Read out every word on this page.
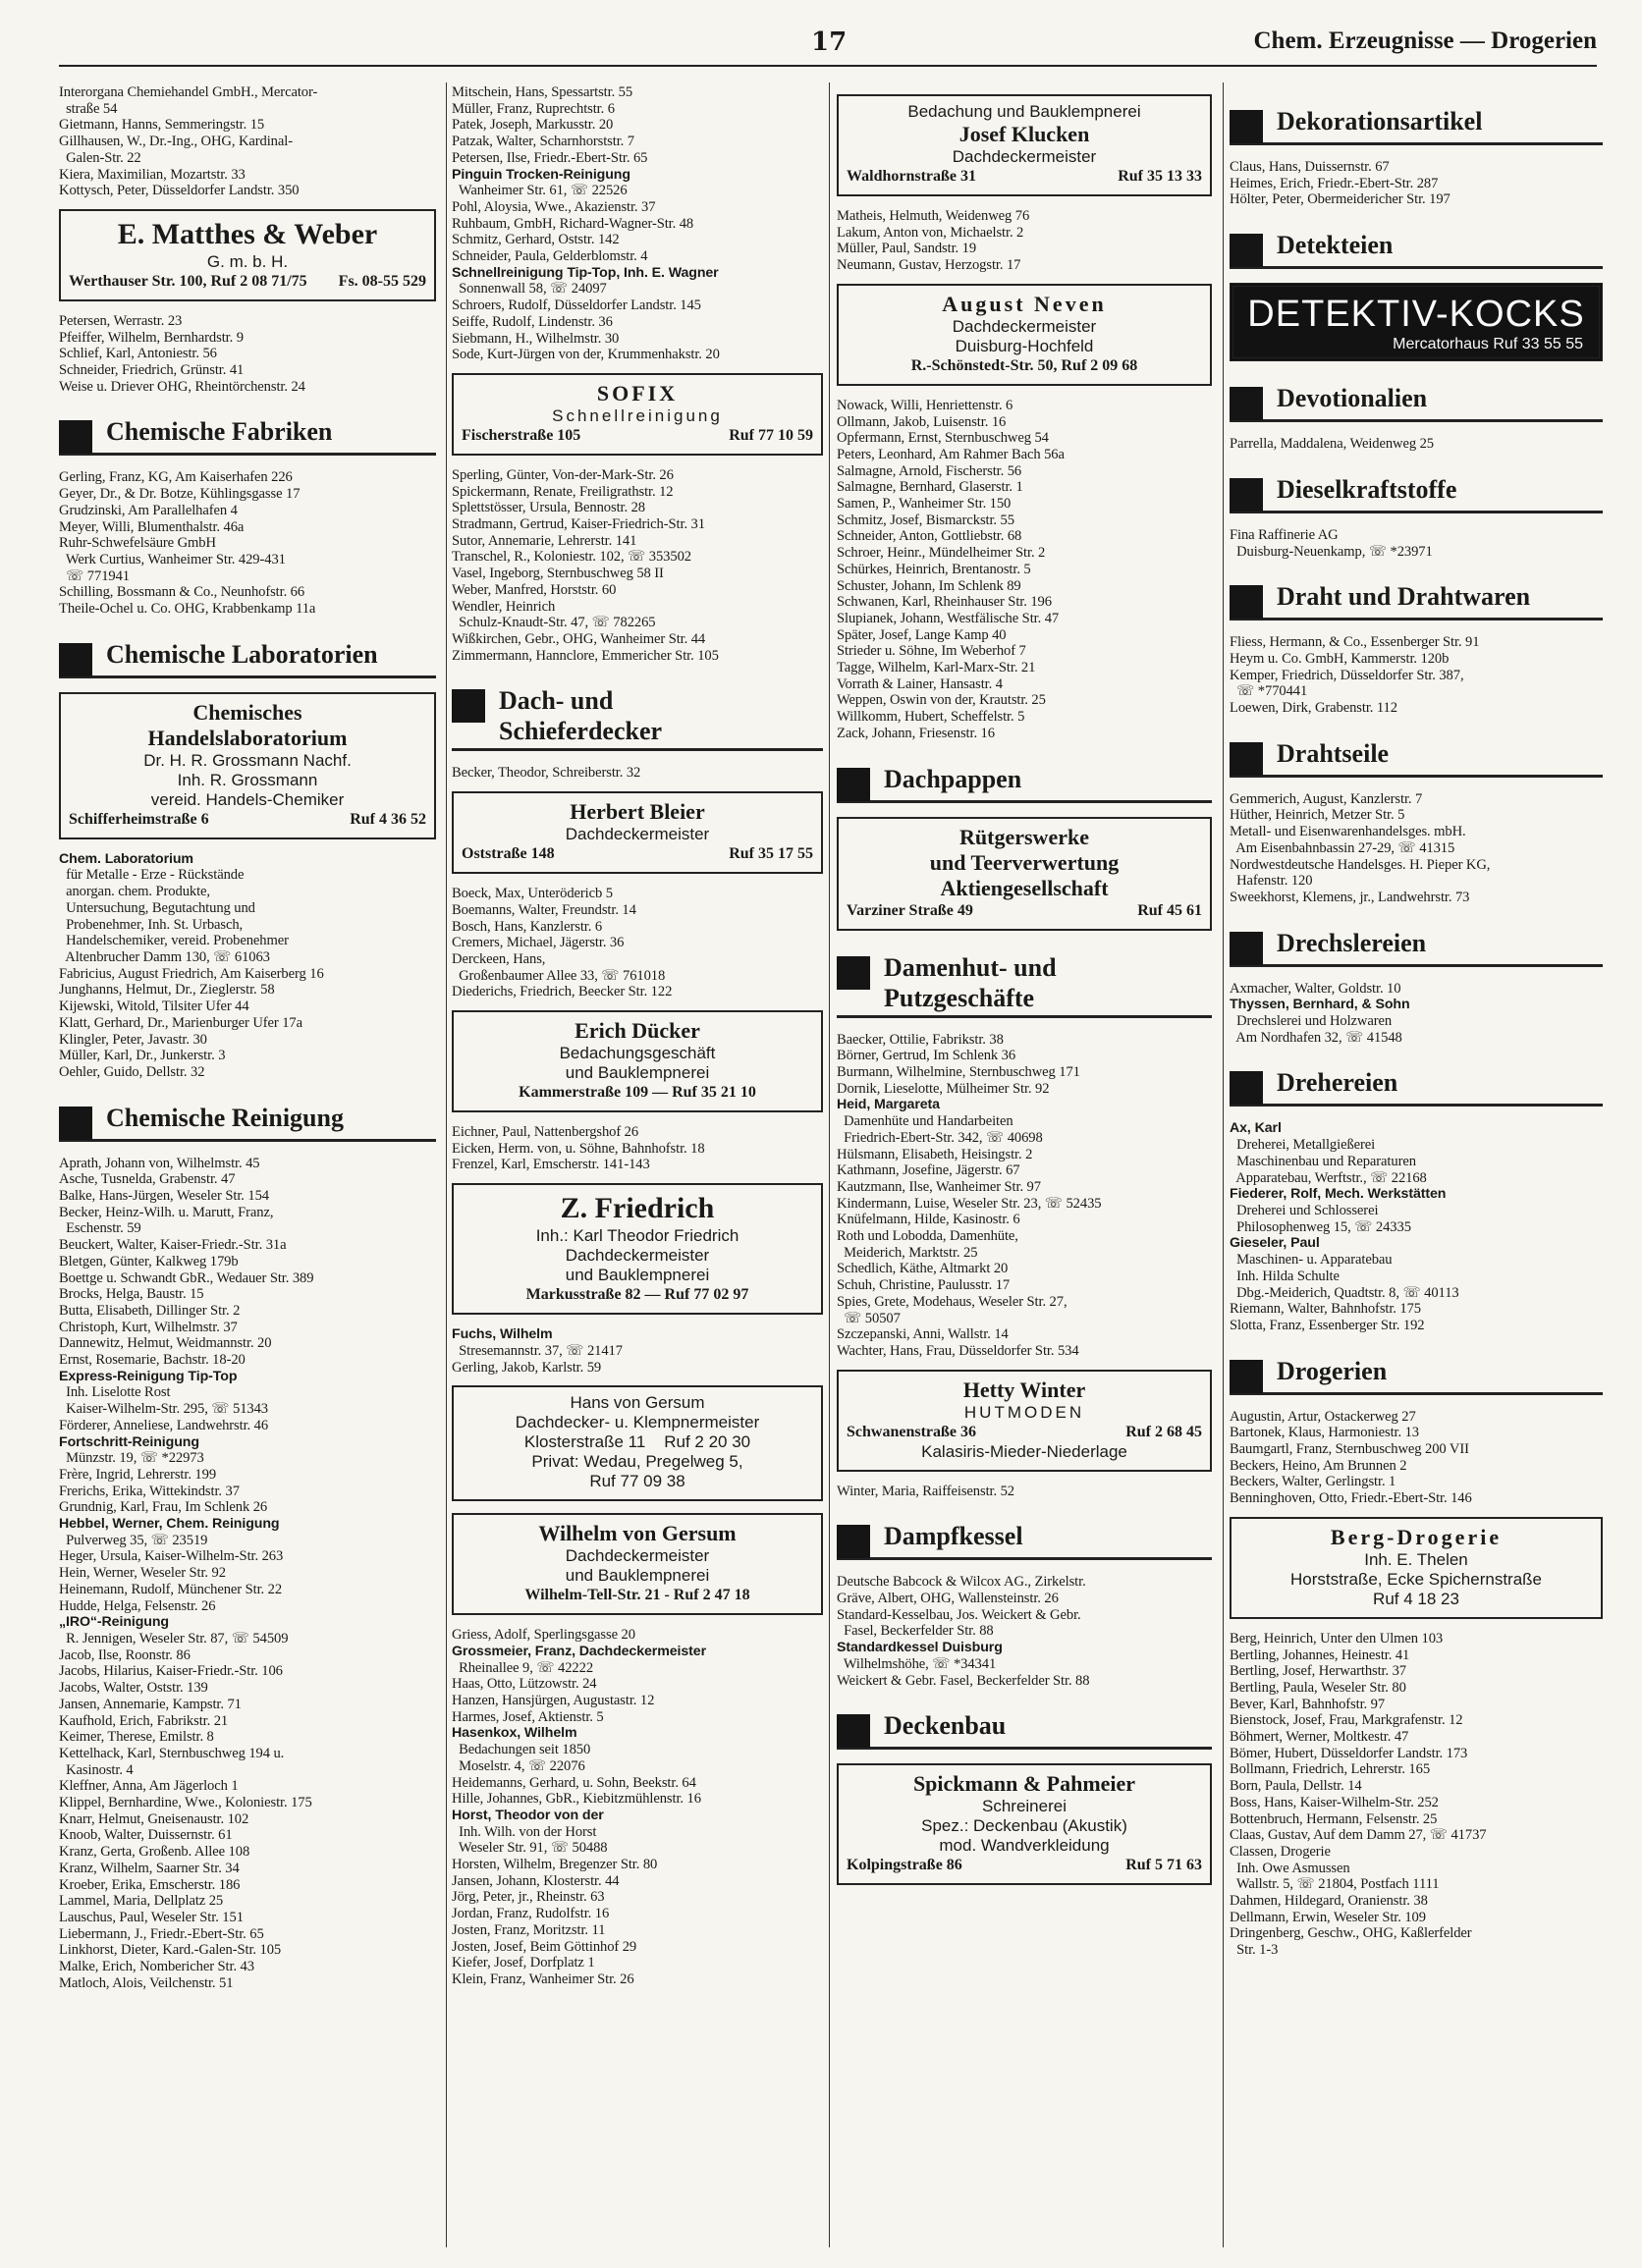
17	Chem. Erzeugnisse — Drogerien
Interorgana Chemiehandel GmbH., Mercator-
straße 54
Gietmann, Hanns, Semmeringstr. 15
Gillhausen, W., Dr.-Ing., OHG, Kardinal-
Galen-Str. 22
Kiera, Maximilian, Mozartstr. 33
Kottysch, Peter, Düsseldorfer Landstr. 350
E. Matthes & Weber
G. m. b. H.
Werthauser Str. 100, Ruf 2 08 71/75 Fs. 08-55 529
Petersen, Werrastr. 23
Pfeiffer, Wilhelm, Bernhardstr. 9
Schlief, Karl, Antoniestr. 56
Schneider, Friedrich, Grünstr. 41
Weise u. Driever OHG, Rheintörchenstr. 24
Chemische Fabriken
Gerling, Franz, KG, Am Kaiserhafen 226
Geyer, Dr., & Dr. Botze, Kühlingsgasse 17
Grudzinski, Am Parallelhafen 4
Meyer, Willi, Blumenthalstr. 46a
Ruhr-Schwefelsäure GmbH
Werk Curtius, Wanheimer Str. 429-431
☏ 771941
Schilling, Bossmann & Co., Neunhofstr. 66
Theile-Ochel u. Co. OHG, Krabbenkamp 11a
Chemische Laboratorien
Chemisches
Handelslaboratorium
Dr. H. R. Grossmann Nachf.
Inh. R. Grossmann
vereid. Handels-Chemiker
Schifferheimstraße 6	Ruf 4 36 52
Chem. Laboratorium
für Metalle - Erze - Rückstände
anorgan. chem. Produkte,
Untersuchung, Begutachtung und
Probenehmer, Inh. St. Urbasch,
Handelschemiker, vereid. Probenehmer
Altenbrucher Damm 130, ☏ 61063
Fabricius, August Friedrich, Am Kaiserberg 16
Junghanns, Helmut, Dr., Zieglerstr. 58
Kijewski, Witold, Tilsiter Ufer 44
Klatt, Gerhard, Dr., Marienburger Ufer 17a
Klingler, Peter, Javastr. 30
Müller, Karl, Dr., Junkerstr. 3
Oehler, Guido, Dellstr. 32
Chemische Reinigung
Aprath, Johann von, Wilhelmstr. 45
Asche, Tusnelda, Grabenstr. 47
Balke, Hans-Jürgen, Weseler Str. 154
Becker, Heinz-Wilh. u. Marutt, Franz,
Eschenstr. 59
Beuckert, Walter, Kaiser-Friedr.-Str. 31a
Bletgen, Günter, Kalkweg 179b
Boettge u. Schwandt GbR., Wedauer Str. 389
Brocks, Helga, Baustr. 15
Butta, Elisabeth, Dillinger Str. 2
Christoph, Kurt, Wilhelmstr. 37
Dannewitz, Helmut, Weidmannstr. 20
Ernst, Rosemarie, Bachstr. 18-20
Express-Reinigung Tip-Top
Inh. Liselotte Rost
Kaiser-Wilhelm-Str. 295, ☏ 51343
Förderer, Anneliese, Landwehrstr. 46
Fortschritt-Reinigung
Münzstr. 19, ☏ *22973
Frère, Ingrid, Lehrerstr. 199
Frerichs, Erika, Wittekindstr. 37
Grundnig, Karl, Frau, Im Schlenk 26
Hebbel, Werner, Chem. Reinigung
Pulverweg 35, ☏ 23519
Heger, Ursula, Kaiser-Wilhelm-Str. 263
Hein, Werner, Weseler Str. 92
Heinemann, Rudolf, Münchener Str. 22
Hudde, Helga, Felsenstr. 26
„IRO“-Reinigung
R. Jennigen, Weseler Str. 87, ☏ 54509
Jacob, Ilse, Roonstr. 86
Jacobs, Hilarius, Kaiser-Friedr.-Str. 106
Jacobs, Walter, Oststr. 139
Jansen, Annemarie, Kampstr. 71
Kaufhold, Erich, Fabrikstr. 21
Keimer, Therese, Emilstr. 8
Kettelhack, Karl, Sternbuschweg 194 u.
Kasinostr. 4
Kleffner, Anna, Am Jägerloch 1
Klippel, Bernhardine, Wwe., Koloniestr. 175
Knarr, Helmut, Gneisenaustr. 102
Knoob, Walter, Duissernstr. 61
Kranz, Gerta, Großenb. Allee 108
Kranz, Wilhelm, Saarner Str. 34
Kroeber, Erika, Emscherstr. 186
Lammel, Maria, Dellplatz 25
Lauschus, Paul, Weseler Str. 151
Liebermann, J., Friedr.-Ebert-Str. 65
Linkhorst, Dieter, Kard.-Galen-Str. 105
Malke, Erich, Nombericher Str. 43
Matloch, Alois, Veilchenstr. 51
Mitschein, Hans, Spessartstr. 55
Müller, Franz, Ruprechtstr. 6
Patek, Joseph, Markusstr. 20
Patzak, Walter, Scharnhorststr. 7
Petersen, Ilse, Friedr.-Ebert-Str. 65
Pinguin Trocken-Reinigung
Wanheimer Str. 61, ☏ 22526
Pohl, Aloysia, Wwe., Akazienstr. 37
Ruhbaum, GmbH, Richard-Wagner-Str. 48
Schmitz, Gerhard, Oststr. 142
Schneider, Paula, Gelderblomstr. 4
Schnellreinigung Tip-Top, Inh. E. Wagner
Sonnenwall 58, ☏ 24097
Schroers, Rudolf, Düsseldorfer Landstr. 145
Seiffe, Rudolf, Lindenstr. 36
Siebmann, H., Wilhelmstr. 30
Sode, Kurt-Jürgen von der, Krummenhakstr. 20
SOFIX
Schnellreinigung
Fischerstraße 105	Ruf 77 10 59
Sperling, Günter, Von-der-Mark-Str. 26
Spickermann, Renate, Freiligrathstr. 12
Splettstösser, Ursula, Bennostr. 28
Stradmann, Gertrud, Kaiser-Friedrich-Str. 31
Sutor, Annemarie, Lehrerstr. 141
Transchel, R., Koloniestr. 102, ☏ 353502
Vasel, Ingeborg, Sternbuschweg 58 II
Weber, Manfred, Horststr. 60
Wendler, Heinrich
Schulz-Knaudt-Str. 47, ☏ 782265
Wißkirchen, Gebr., OHG, Wanheimer Str. 44
Zimmermann, Hannclore, Emmericher Str. 105
Dach- und
Schieferdecker
Becker, Theodor, Schreiberstr. 32
Herbert Bleier
Dachdeckermeister
Oststraße 148	Ruf 35 17 55
Boeck, Max, Unterödericb 5
Boemanns, Walter, Freundstr. 14
Bosch, Hans, Kanzlerstr. 6
Cremers, Michael, Jägerstr. 36
Derckeen, Hans,
Großenbaumer Allee 33, ☏ 761018
Diederichs, Friedrich, Beecker Str. 122
Erich Dücker
Bedachungsgeschäft
und Bauklempnerei
Kammerstraße 109 — Ruf 35 21 10
Eichner, Paul, Nattenbergshof 26
Eicken, Herm. von, u. Söhne, Bahnhofstr. 18
Frenzel, Karl, Emscherstr. 141-143
Z. Friedrich
Inh.: Karl Theodor Friedrich
Dachdeckermeister
und Bauklempnerei
Markusstraße 82 — Ruf 77 02 97
Fuchs, Wilhelm
Stresemannstr. 37, ☏ 21417
Gerling, Jakob, Karlstr. 59
Hans von Gersum
Dachdecker- u. Klempnermeister
Klosterstraße 11    Ruf 2 20 30
Privat: Wedau, Pregelweg 5,
Ruf 77 09 38
Wilhelm von Gersum
Dachdeckermeister
und Bauklempnerei
Wilhelm-Tell-Str. 21 - Ruf 2 47 18
Griess, Adolf, Sperlingsgasse 20
Grossmeier, Franz, Dachdeckermeister
Rheinallee 9, ☏ 42222
Haas, Otto, Lützowstr. 24
Hanzen, Hansjürgen, Augustastr. 12
Harmes, Josef, Aktienstr. 5
Hasenkox, Wilhelm
Bedachungen seit 1850
Moselstr. 4, ☏ 22076
Heidemanns, Gerhard, u. Sohn, Beekstr. 64
Hille, Johannes, GbR., Kiebitzmühlenstr. 16
Horst, Theodor von der
Inh. Wilh. von der Horst
Weseler Str. 91, ☏ 50488
Horsten, Wilhelm, Bregenzer Str. 80
Jansen, Johann, Klosterstr. 44
Jörg, Peter, jr., Rheinstr. 63
Jordan, Franz, Rudolfstr. 16
Josten, Franz, Moritzstr. 11
Josten, Josef, Beim Göttinhof 29
Kiefer, Josef, Dorfplatz 1
Klein, Franz, Wanheimer Str. 26
Bedachung und Bauklempnerei
Josef Klucken
Dachdeckermeister
Waldhornstraße 31	Ruf 35 13 33
Matheis, Helmuth, Weidenweg 76
Lakum, Anton von, Michaelstr. 2
Müller, Paul, Sandstr. 19
Neumann, Gustav, Herzogstr. 17
August Neven
Dachdeckermeister
Duisburg-Hochfeld
R.-Schönstedt-Str. 50, Ruf 2 09 68
Nowack, Willi, Henriettenstr. 6
Ollmann, Jakob, Luisenstr. 16
Opfermann, Ernst, Sternbuschweg 54
Peters, Leonhard, Am Rahmer Bach 56a
Salmagne, Arnold, Fischerstr. 56
Salmagne, Bernhard, Glaserstr. 1
Samen, P., Wanheimer Str. 150
Schmitz, Josef, Bismarckstr. 55
Schneider, Anton, Gottliebstr. 68
Schroer, Heinr., Mündelheimer Str. 2
Schürkes, Heinrich, Brentanostr. 5
Schuster, Johann, Im Schlenk 89
Schwanen, Karl, Rheinhauser Str. 196
Slupianek, Johann, Westfälische Str. 47
Später, Josef, Lange Kamp 40
Strieder u. Söhne, Im Weberhof 7
Tagge, Wilhelm, Karl-Marx-Str. 21
Vorrath & Lainer, Hansastr. 4
Weppen, Oswin von der, Krautstr. 25
Willkomm, Hubert, Scheffelstr. 5
Zack, Johann, Friesenstr. 16
Dachpappen
Rütgerswerke
und Teerverwertung
Aktiengesellschaft
Varziner Straße 49	Ruf 45 61
Damenhut- und
Putzgeschäfte
Baecker, Ottilie, Fabrikstr. 38
Börner, Gertrud, Im Schlenk 36
Burmann, Wilhelmine, Sternbuschweg 171
Dornik, Lieselotte, Mülheimer Str. 92
Heid, Margareta
Damenhüte und Handarbeiten
Friedrich-Ebert-Str. 342, ☏ 40698
Hülsmann, Elisabeth, Heisingstr. 2
Kathmann, Josefine, Jägerstr. 67
Kautzmann, Ilse, Wanheimer Str. 97
Kindermann, Luise, Weseler Str. 23, ☏ 52435
Knüfelmann, Hilde, Kasinostr. 6
Roth und Lobodda, Damenhüte,
Meiderich, Marktstr. 25
Schedlich, Käthe, Altmarkt 20
Schuh, Christine, Paulusstr. 17
Spies, Grete, Modehaus, Weseler Str. 27,
☏ 50507
Szczepanski, Anni, Wallstr. 14
Wachter, Hans, Frau, Düsseldorfer Str. 534
Hetty Winter
HUTMODEN
Schwanenstraße 36	Ruf 2 68 45
Kalasiris-Mieder-Niederlage
Winter, Maria, Raiffeisenstr. 52
Dampfkessel
Deutsche Babcock & Wilcox AG., Zirkelstr.
Gräve, Albert, OHG, Wallensteinstr. 26
Standard-Kesselbau, Jos. Weickert & Gebr.
Fasel, Beckerfelder Str. 88
Standardkessel Duisburg
Wilhelmshöhe, ☏ *34341
Weickert & Gebr. Fasel, Beckerfelder Str. 88
Deckenbau
Spickmann & Pahmeier
Schreinerei
Spez.: Deckenbau (Akustik)
mod. Wandverkleidung
Kolpingstraße 86	Ruf 5 71 63
Dekorationsartikel
Claus, Hans, Duissernstr. 67
Heimes, Erich, Friedr.-Ebert-Str. 287
Hölter, Peter, Obermeidericher Str. 197
Detekteien
DETEKTIV-KOCKS
Mercatorhaus Ruf 33 55 55
Devotionalien
Parrella, Maddalena, Weidenweg 25
Dieselkraftstoffe
Fina Raffinerie AG
Duisburg-Neuenkamp, ☏ *23971
Draht und Drahtwaren
Fliess, Hermann, & Co., Essenberger Str. 91
Heym u. Co. GmbH, Kammerstr. 120b
Kemper, Friedrich, Düsseldorfer Str. 387,
☏ *770441
Loewen, Dirk, Grabenstr. 112
Drahtseile
Gemmerich, August, Kanzlerstr. 7
Hüther, Heinrich, Metzer Str. 5
Metall- und Eisenwarenhandelsges. mbH.
Am Eisenbahnbassin 27-29, ☏ 41315
Nordwestdeutsche Handelsges. H. Pieper KG,
Hafenstr. 120
Sweekhorst, Klemens, jr., Landwehrstr. 73
Drechslereien
Axmacher, Walter, Goldstr. 10
Thyssen, Bernhard, & Sohn
Drechslerei und Holzwaren
Am Nordhafen 32, ☏ 41548
Drehereien
Ax, Karl
Dreherei, Metallgießerei
Maschinenbau und Reparaturen
Apparatebau, Werftstr., ☏ 22168
Fiederer, Rolf, Mech. Werkstätten
Dreherei und Schlosserei
Philosophenweg 15, ☏ 24335
Gieseler, Paul
Maschinen- u. Apparatebau
Inh. Hilda Schulte
Dbg.-Meiderich, Quadtstr. 8, ☏ 40113
Riemann, Walter, Bahnhofstr. 175
Slotta, Franz, Essenberger Str. 192
Drogerien
Augustin, Artur, Ostackerweg 27
Bartonek, Klaus, Harmoniestr. 13
Baumgartl, Franz, Sternbuschweg 200 VII
Beckers, Heino, Am Brunnen 2
Beckers, Walter, Gerlingstr. 1
Benninghoven, Otto, Friedr.-Ebert-Str. 146
Berg-Drogerie
Inh. E. Thelen
Horststraße, Ecke Spichernstraße
Ruf 4 18 23
Berg, Heinrich, Unter den Ulmen 103
Bertling, Johannes, Heinestr. 41
Bertling, Josef, Herwarthstr. 37
Bertling, Paula, Weseler Str. 80
Bever, Karl, Bahnhofstr. 97
Bienstock, Josef, Frau, Markgrafenstr. 12
Böhmert, Werner, Moltkestr. 47
Bömer, Hubert, Düsseldorfer Landstr. 173
Bollmann, Friedrich, Lehrerstr. 165
Born, Paula, Dellstr. 14
Boss, Hans, Kaiser-Wilhelm-Str. 252
Bottenbruch, Hermann, Felsenstr. 25
Claas, Gustav, Auf dem Damm 27, ☏ 41737
Classen, Drogerie
Inh. Owe Asmussen
Wallstr. 5, ☏ 21804, Postfach 1111
Dahmen, Hildegard, Oranienstr. 38
Dellmann, Erwin, Weseler Str. 109
Dringenberg, Geschw., OHG, Kaßlerfelder
Str. 1-3
